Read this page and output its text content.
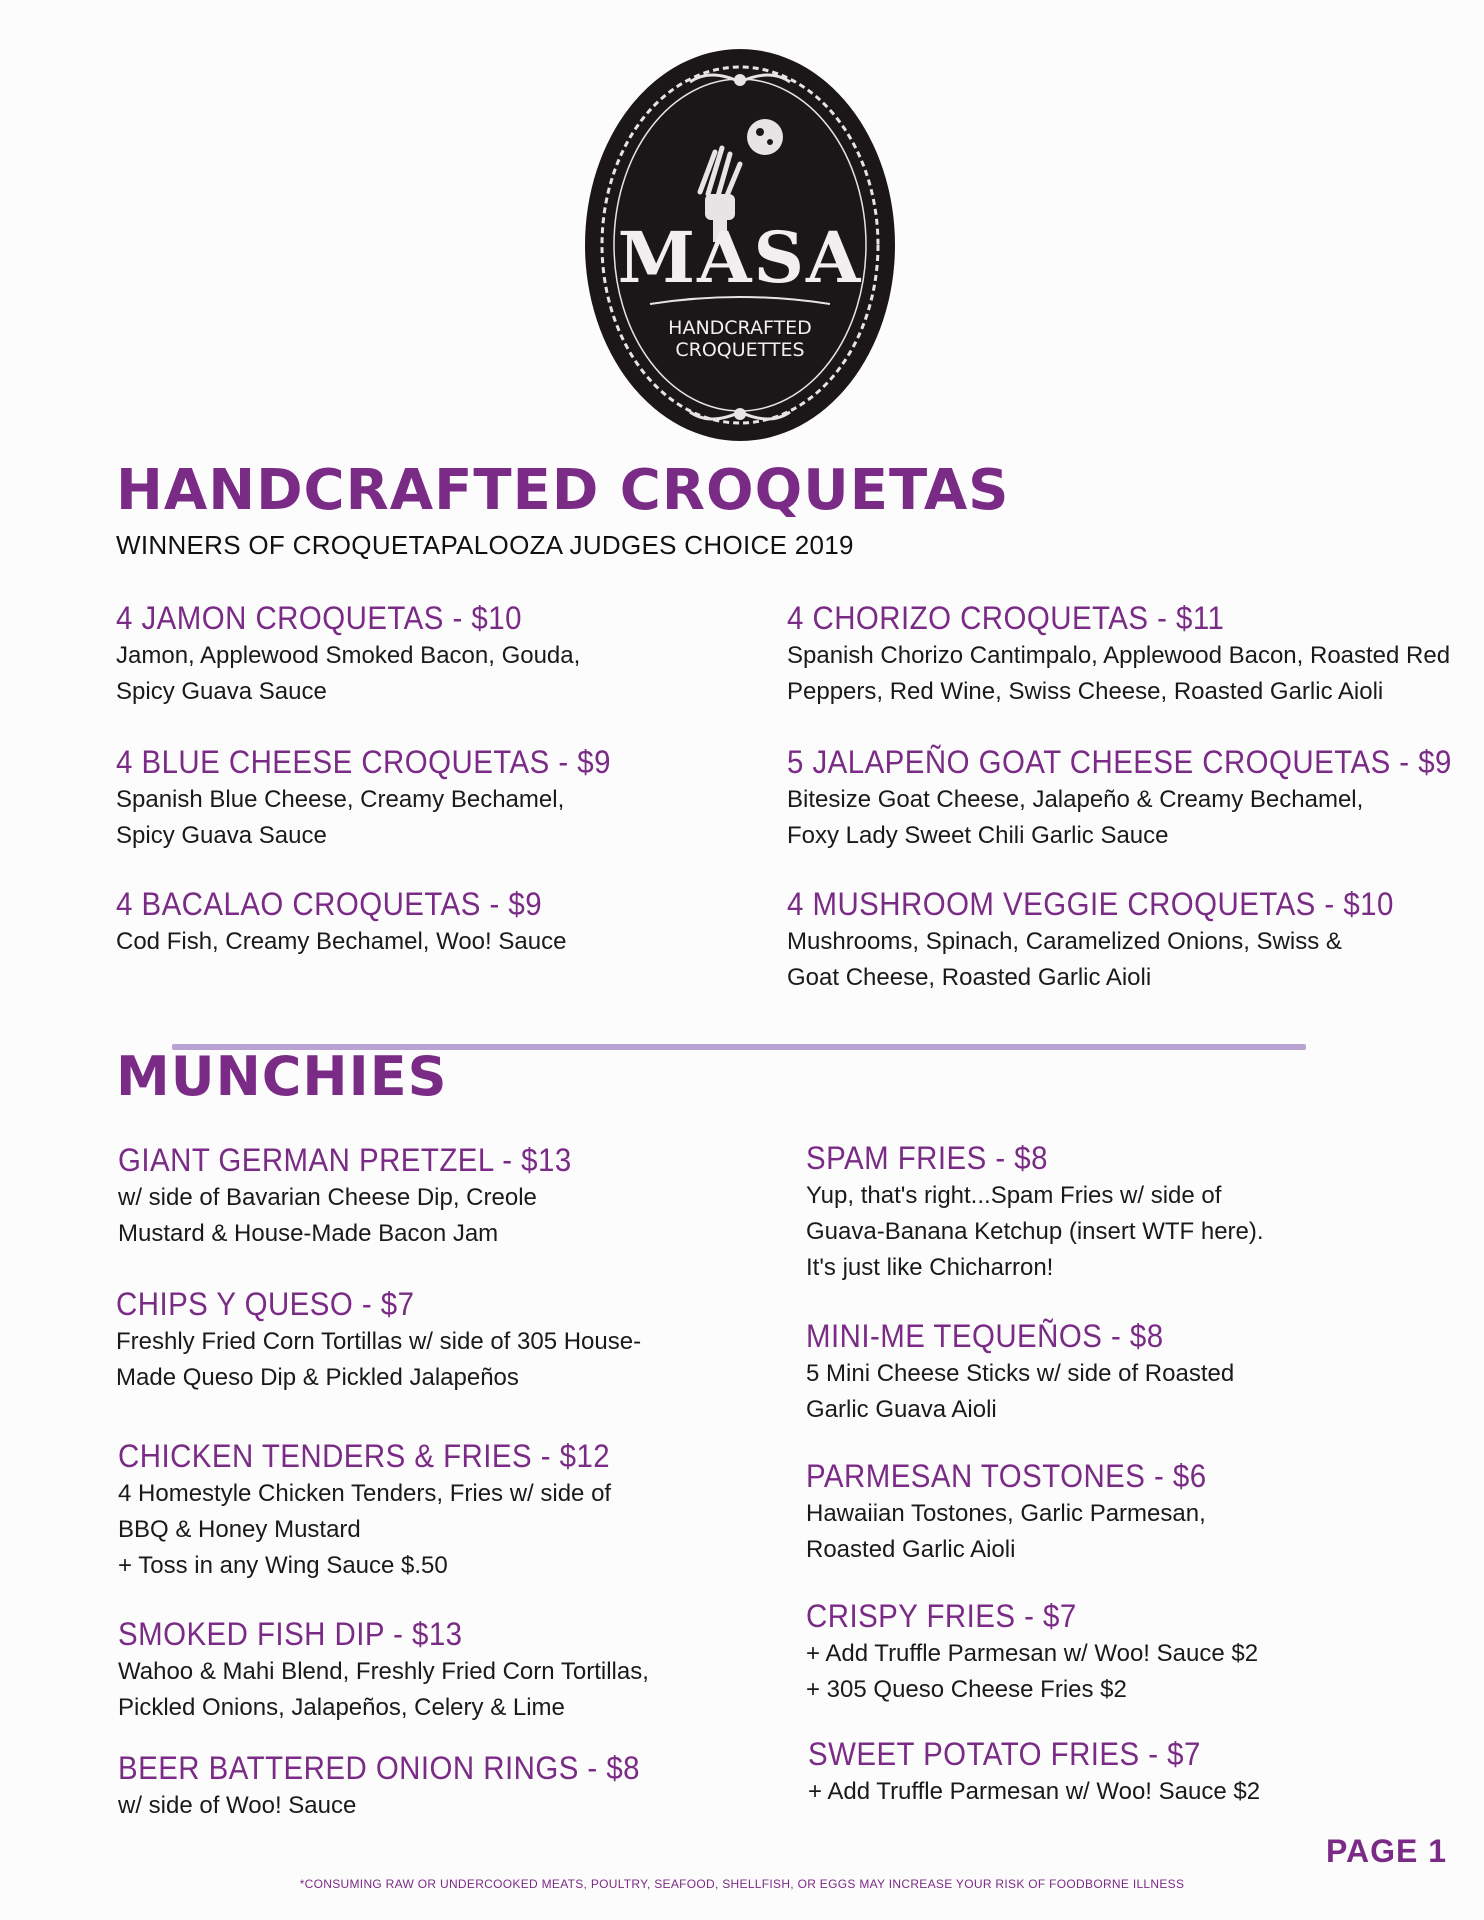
MASA
HANDCRAFTED
CROQUETTES
HANDCRAFTED CROQUETAS
WINNERS OF CROQUETAPALOOZA JUDGES CHOICE 2019
4 JAMON CROQUETAS - $10
Jamon, Applewood Smoked Bacon, Gouda,
Spicy Guava Sauce
4 CHORIZO CROQUETAS - $11
Spanish Chorizo Cantimpalo, Applewood Bacon, Roasted Red
Peppers, Red Wine, Swiss Cheese, Roasted Garlic Aioli
4 BLUE CHEESE CROQUETAS - $9
Spanish Blue Cheese, Creamy Bechamel,
Spicy Guava Sauce
5 JALAPEÑO GOAT CHEESE CROQUETAS - $9
Bitesize Goat Cheese, Jalapeño & Creamy Bechamel,
Foxy Lady Sweet Chili Garlic Sauce
4 BACALAO CROQUETAS - $9
Cod Fish, Creamy Bechamel, Woo! Sauce
4 MUSHROOM VEGGIE CROQUETAS - $10
Mushrooms, Spinach, Caramelized Onions, Swiss &
Goat Cheese, Roasted Garlic Aioli
MUNCHIES
GIANT GERMAN PRETZEL - $13
w/ side of Bavarian Cheese Dip, Creole
Mustard & House-Made Bacon Jam
CHIPS Y QUESO - $7
Freshly Fried Corn Tortillas w/ side of 305 House-
Made Queso Dip & Pickled Jalapeños
CHICKEN TENDERS & FRIES - $12
4 Homestyle Chicken Tenders, Fries w/ side of
BBQ & Honey Mustard
+ Toss in any Wing Sauce $.50
SMOKED FISH DIP - $13
Wahoo & Mahi Blend, Freshly Fried Corn Tortillas,
Pickled Onions, Jalapeños, Celery & Lime
BEER BATTERED ONION RINGS - $8
w/ side of Woo! Sauce
SPAM FRIES - $8
Yup, that's right...Spam Fries w/ side of
Guava-Banana Ketchup (insert WTF here).
It's just like Chicharron!
MINI-ME TEQUEÑOS - $8
5 Mini Cheese Sticks w/ side of Roasted
Garlic Guava Aioli
PARMESAN TOSTONES - $6
Hawaiian Tostones, Garlic Parmesan,
Roasted Garlic Aioli
CRISPY FRIES - $7
+ Add Truffle Parmesan w/ Woo! Sauce $2
+ 305 Queso Cheese Fries $2
SWEET POTATO FRIES - $7
+ Add Truffle Parmesan w/ Woo! Sauce $2
PAGE 1
*CONSUMING RAW OR UNDERCOOKED MEATS, POULTRY, SEAFOOD, SHELLFISH, OR EGGS MAY INCREASE YOUR RISK OF FOODBORNE ILLNESS
